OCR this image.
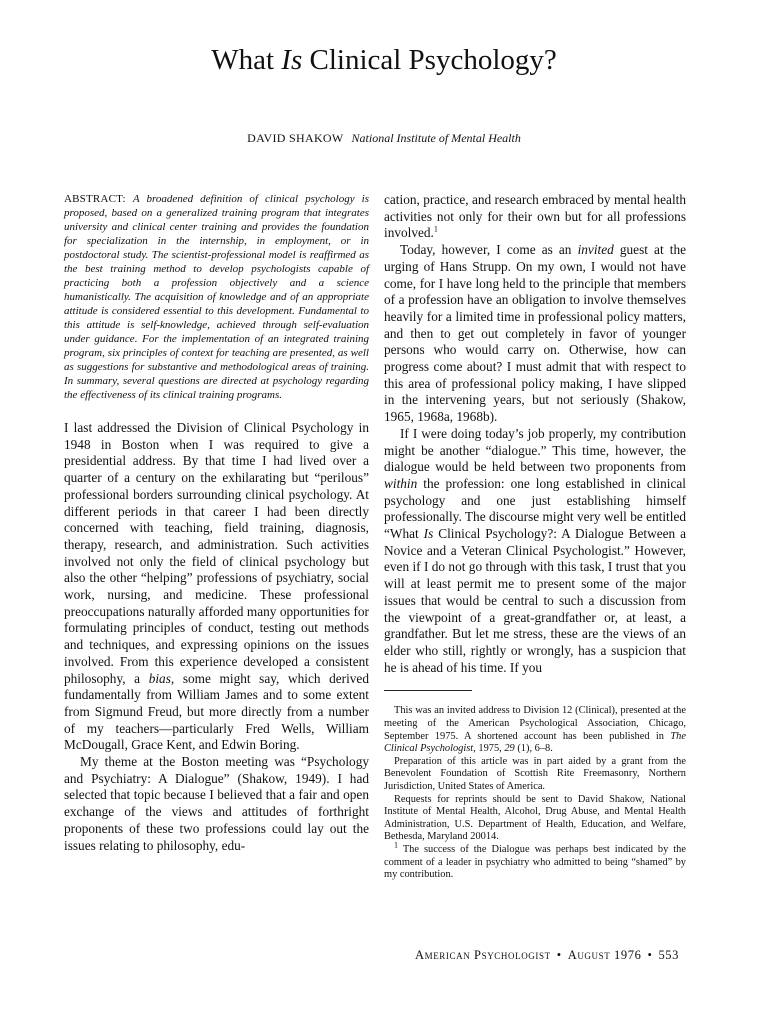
What Is Clinical Psychology?
DAVID SHAKOW National Institute of Mental Health
ABSTRACT: A broadened definition of clinical psychology is proposed, based on a generalized training program that integrates university and clinical center training and provides the foundation for specialization in the internship, in employment, or in postdoctoral study. The scientist-professional model is reaffirmed as the best training method to develop psychologists capable of practicing both a profession objectively and a science humanistically. The acquisition of knowledge and of an appropriate attitude is considered essential to this development. Fundamental to this attitude is self-knowledge, achieved through self-evaluation under guidance. For the implementation of an integrated training program, six principles of context for teaching are presented, as well as suggestions for substantive and methodological areas of training. In summary, several questions are directed at psychology regarding the effectiveness of its clinical training programs.

I last addressed the Division of Clinical Psychology in 1948 in Boston when I was required to give a presidential address. By that time I had lived over a quarter of a century on the exhilarating but “perilous” professional borders surrounding clinical psychology. At different periods in that career I had been directly concerned with teaching, field training, diagnosis, therapy, research, and administration. Such activities involved not only the field of clinical psychology but also the other “helping” professions of psychiatry, social work, nursing, and medicine. These professional preoccupations naturally afforded many opportunities for formulating principles of conduct, testing out methods and techniques, and expressing opinions on the issues involved. From this experience developed a consistent philosophy, a bias, some might say, which derived fundamentally from William James and to some extent from Sigmund Freud, but more directly from a number of my teachers—particularly Fred Wells, William McDougall, Grace Kent, and Edwin Boring.

My theme at the Boston meeting was “Psychology and Psychiatry: A Dialogue” (Shakow, 1949). I had selected that topic because I believed that a fair and open exchange of the views and attitudes of forthright proponents of these two professions could lay out the issues relating to philosophy, edu-

cation, practice, and research embraced by mental health activities not only for their own but for all professions involved.$^1$

Today, however, I come as an invited guest at the urging of Hans Strupp. On my own, I would not have come, for I have long held to the principle that members of a profession have an obligation to involve themselves heavily for a limited time in professional policy matters, and then to get out completely in favor of younger persons who would carry on. Otherwise, how can progress come about? I must admit that with respect to this area of professional policy making, I have slipped in the intervening years, but not seriously (Shakow, 1965, 1968a, 1968b).

If I were doing today’s job properly, my contribution might be another “dialogue.” This time, however, the dialogue would be held between two proponents from within the profession: one long established in clinical psychology and one just establishing himself professionally. The discourse might very well be entitled “What Is Clinical Psychology?: A Dialogue Between a Novice and a Veteran Clinical Psychologist.” However, even if I do not go through with this task, I trust that you will at least permit me to present some of the major issues that would be central to such a discussion from the viewpoint of a great-grandfather or, at least, a grandfather. But let me stress, these are the views of an elder who still, rightly or wrongly, has a suspicion that he is ahead of his time. If you

This was an invited address to Division 12 (Clinical), presented at the meeting of the American Psychological Association, Chicago, September 1975. A shortened account has been published in The Clinical Psychologist, 1975, 29 (1), 6–8.

Preparation of this article was in part aided by a grant from the Benevolent Foundation of Scottish Rite Freemasonry, Northern Jurisdiction, United States of America.

Requests for reprints should be sent to David Shakow, National Institute of Mental Health, Alcohol, Drug Abuse, and Mental Health Administration, U.S. Department of Health, Education, and Welfare, Bethesda, Maryland 20014.

$^1$ The success of the Dialogue was perhaps best indicated by the comment of a leader in psychiatry who admitted to being “shamed” by my contribution.

American Psychologist • August 1976 • 553
